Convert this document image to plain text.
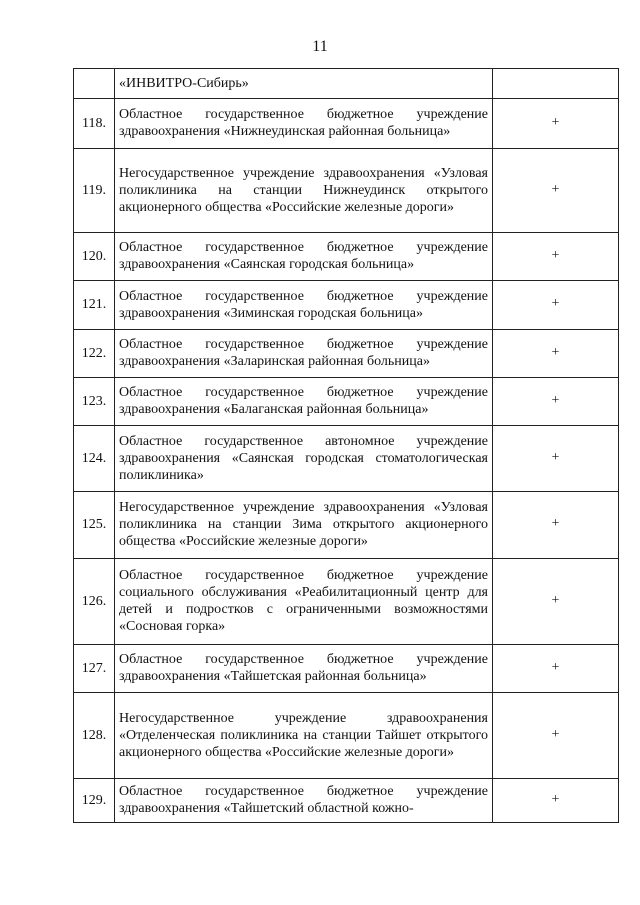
11
	«ИНВИТРО-Сибирь»	
118.	Областное государственное бюджетное учреждение здравоохранения «Нижнеудинская районная больница»	+
119.	Негосударственное учреждение здравоохранения «Узловая поликлиника на станции Нижнеудинск открытого акционерного общества «Российские железные дороги»	+
120.	Областное государственное бюджетное учреждение здравоохранения «Саянская городская больница»	+
121.	Областное государственное бюджетное учреждение здравоохранения «Зиминская городская больница»	+
122.	Областное государственное бюджетное учреждение здравоохранения «Заларинская районная больница»	+
123.	Областное государственное бюджетное учреждение здравоохранения «Балаганская районная больница»	+
124.	Областное государственное автономное учреждение здравоохранения «Саянская городская стоматологическая поликлиника»	+
125.	Негосударственное учреждение здравоохранения «Узловая поликлиника на станции Зима открытого акционерного общества «Российские железные дороги»	+
126.	Областное государственное бюджетное учреждение социального обслуживания «Реабилитационный центр для детей и подростков с ограниченными возможностями «Сосновая горка»	+
127.	Областное государственное бюджетное учреждение здравоохранения «Тайшетская районная больница»	+
128.	Негосударственное учреждение здравоохранения «Отделенческая поликлиника на станции Тайшет открытого акционерного общества «Российские железные дороги»	+
129.	Областное государственное бюджетное учреждение здравоохранения «Тайшетский областной кожно-	+
